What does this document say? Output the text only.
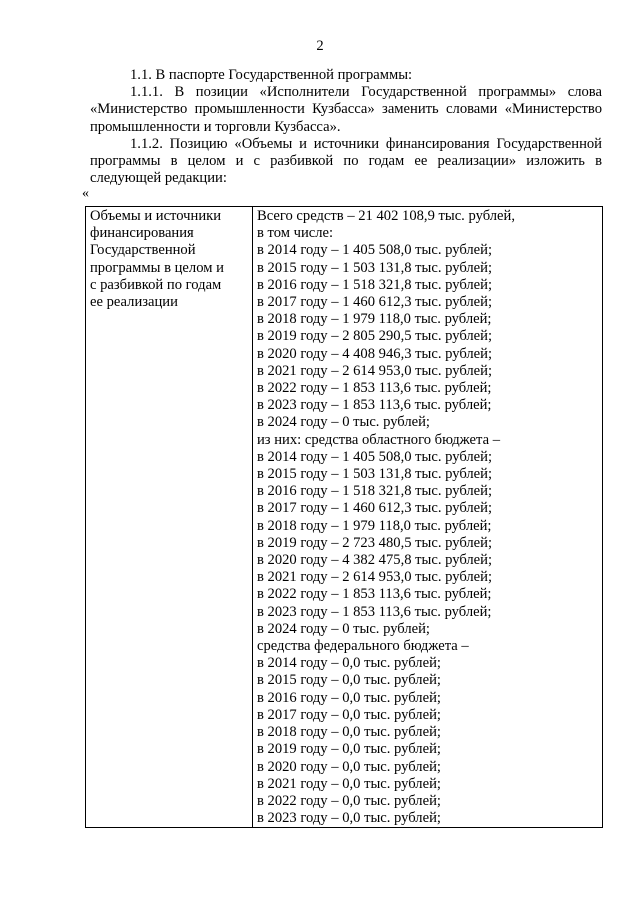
2

1.1. В паспорте Государственной программы:

1.1.1. В позиции «Исполнители Государственной программы» слова «Министерство промышленности Кузбасса» заменить словами «Министерство промышленности и торговли Кузбасса».

1.1.2. Позицию «Объемы и источники финансирования Государственной программы в целом и с разбивкой по годам ее реализации» изложить в следующей редакции:

«
Объемы и источники
финансирования
Государственной
программы в целом и
с разбивкой по годам
ее реализации

Всего средств – 21 402 108,9 тыс. рублей,
в том числе:
в 2014 году – 1 405 508,0 тыс. рублей;
в 2015 году – 1 503 131,8 тыс. рублей;
в 2016 году – 1 518 321,8 тыс. рублей;
в 2017 году – 1 460 612,3 тыс. рублей;
в 2018 году – 1 979 118,0 тыс. рублей;
в 2019 году – 2 805 290,5 тыс. рублей;
в 2020 году – 4 408 946,3 тыс. рублей;
в 2021 году – 2 614 953,0 тыс. рублей;
в 2022 году – 1 853 113,6 тыс. рублей;
в 2023 году – 1 853 113,6 тыс. рублей;
в 2024 году – 0 тыс. рублей;
из них: средства областного бюджета –
в 2014 году – 1 405 508,0 тыс. рублей;
в 2015 году – 1 503 131,8 тыс. рублей;
в 2016 году – 1 518 321,8 тыс. рублей;
в 2017 году – 1 460 612,3 тыс. рублей;
в 2018 году – 1 979 118,0 тыс. рублей;
в 2019 году – 2 723 480,5 тыс. рублей;
в 2020 году – 4 382 475,8 тыс. рублей;
в 2021 году – 2 614 953,0 тыс. рублей;
в 2022 году – 1 853 113,6 тыс. рублей;
в 2023 году – 1 853 113,6 тыс. рублей;
в 2024 году – 0 тыс. рублей;
средства федерального бюджета –
в 2014 году – 0,0 тыс. рублей;
в 2015 году – 0,0 тыс. рублей;
в 2016 году – 0,0 тыс. рублей;
в 2017 году – 0,0 тыс. рублей;
в 2018 году – 0,0 тыс. рублей;
в 2019 году – 0,0 тыс. рублей;
в 2020 году – 0,0 тыс. рублей;
в 2021 году – 0,0 тыс. рублей;
в 2022 году – 0,0 тыс. рублей;
в 2023 году – 0,0 тыс. рублей;
